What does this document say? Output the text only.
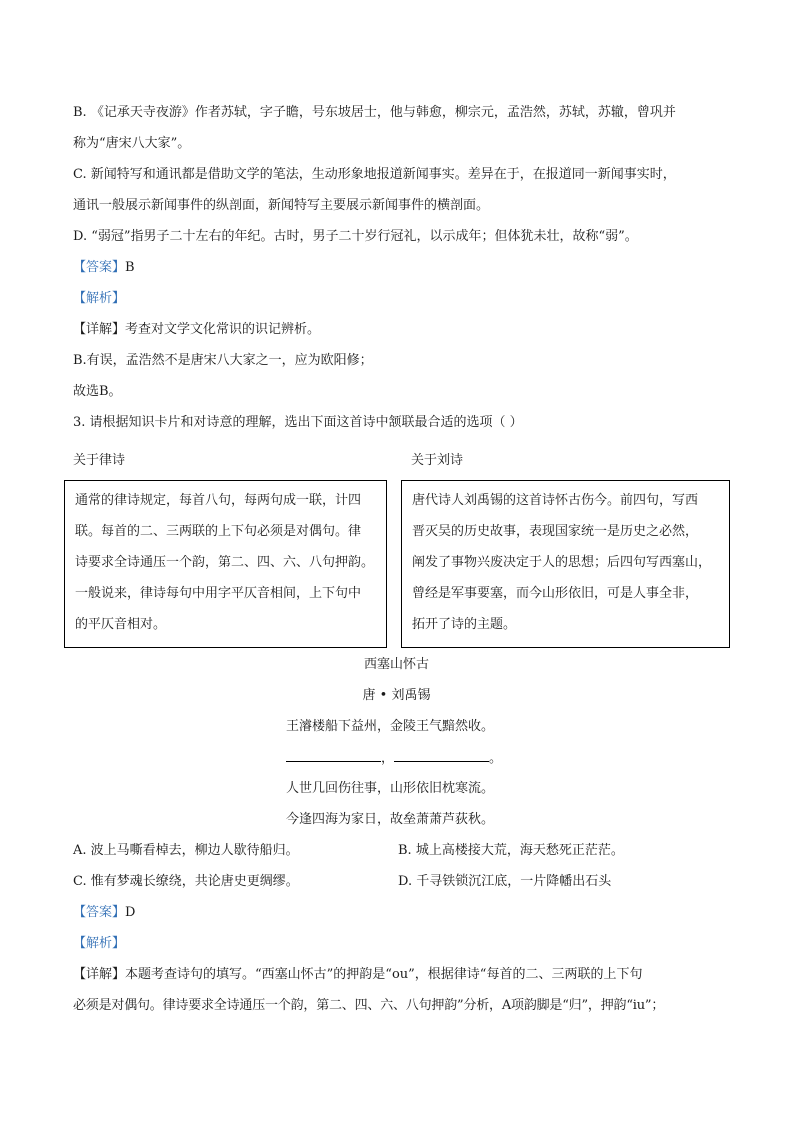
B. 《记承天寺夜游》作者苏轼，字子瞻，号东坡居士，他与韩愈，柳宗元，孟浩然，苏轼，苏辙，曾巩并
称为“唐宋八大家”。
C. 新闻特写和通讯都是借助文学的笔法，生动形象地报道新闻事实。差异在于，在报道同一新闻事实时，
通讯一般展示新闻事件的纵剖面，新闻特写主要展示新闻事件的横剖面。
D. “弱冠”指男子二十左右的年纪。古时，男子二十岁行冠礼，以示成年；但体犹未壮，故称“弱”。
【答案】B
【解析】
【详解】考查对文学文化常识的识记辨析。
B.有误，孟浩然不是唐宋八大家之一，应为欧阳修；
故选B。
3. 请根据知识卡片和对诗意的理解，选出下面这首诗中颔联最合适的选项（ ）
关于律诗	关于刘诗

通常的律诗规定，每首八句，每两句成一联，计四

联。每首的二、三两联的上下句必须是对偶句。律

诗要求全诗通压一个韵，第二、四、六、八句押韵。

一般说来，律诗每句中用字平仄音相间，上下句中

的平仄音相对。

唐代诗人刘禹锡的这首诗怀古伤今。前四句，写西

晋灭吴的历史故事，表现国家统一是历史之必然，

阐发了事物兴废决定于人的思想；后四句写西塞山，

曾经是军事要塞，而今山形依旧，可是人事全非，

拓开了诗的主题。

西塞山怀古
唐 • 刘禹锡
王濬楼船下益州，金陵王气黯然收。
，	。
人世几回伤往事，山形依旧枕寒流。
今逢四海为家日，故垒萧萧芦荻秋。
A. 波上马嘶看棹去，柳边人歇待船归。	B. 城上高楼接大荒，海天愁死正茫茫。
C. 惟有梦魂长缭绕，共论唐史更绸缪。	D. 千寻铁锁沉江底，一片降幡出石头
【答案】D
【解析】
【详解】本题考查诗句的填写。“西塞山怀古”的押韵是“ou”，根据律诗“每首的二、三两联的上下句
必须是对偶句。律诗要求全诗通压一个韵，第二、四、六、八句押韵”分析，A项韵脚是“归”，押韵“iu”；
